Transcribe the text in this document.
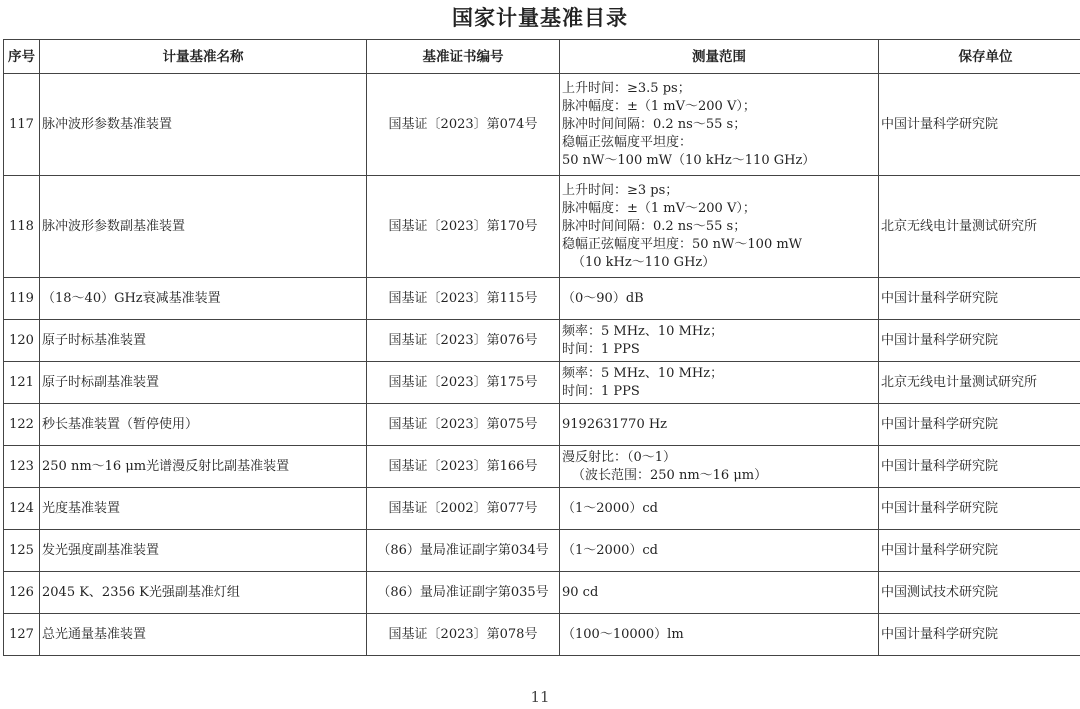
国家计量基准目录
序号	计量基准名称	基准证书编号	测量范围	保存单位
117	脉冲波形参数基准装置	国基证〔2023〕第074号	上升时间：≥3.5 ps；
脉冲幅度：±（1 mV～200 V）；
脉冲时间间隔：0.2 ns～55 s；
稳幅正弦幅度平坦度：
50 nW～100 mW（10 kHz～110 GHz）	中国计量科学研究院
118	脉冲波形参数副基准装置	国基证〔2023〕第170号	上升时间：≥3 ps；
脉冲幅度：±（1 mV～200 V）；
脉冲时间间隔：0.2 ns～55 s；
稳幅正弦幅度平坦度：50 nW～100 mW
（10 kHz～110 GHz）	北京无线电计量测试研究所
119	（18～40）GHz衰减基准装置	国基证〔2023〕第115号	（0～90）dB	中国计量科学研究院
120	原子时标基准装置	国基证〔2023〕第076号	频率：5 MHz、10 MHz；
时间：1 PPS	中国计量科学研究院
121	原子时标副基准装置	国基证〔2023〕第175号	频率：5 MHz、10 MHz；
时间：1 PPS	北京无线电计量测试研究所
122	秒长基准装置（暂停使用）	国基证〔2023〕第075号	9192631770 Hz	中国计量科学研究院
123	250 nm～16 μm光谱漫反射比副基准装置	国基证〔2023〕第166号	漫反射比：（0～1）
（波长范围：250 nm～16 μm）	中国计量科学研究院
124	光度基准装置	国基证〔2002〕第077号	（1～2000）cd	中国计量科学研究院
125	发光强度副基准装置	（86）量局准证副字第034号	（1～2000）cd	中国计量科学研究院
126	2045 K、2356 K光强副基准灯组	（86）量局准证副字第035号	90 cd	中国测试技术研究院
127	总光通量基准装置	国基证〔2023〕第078号	（100～10000）lm	中国计量科学研究院
11
